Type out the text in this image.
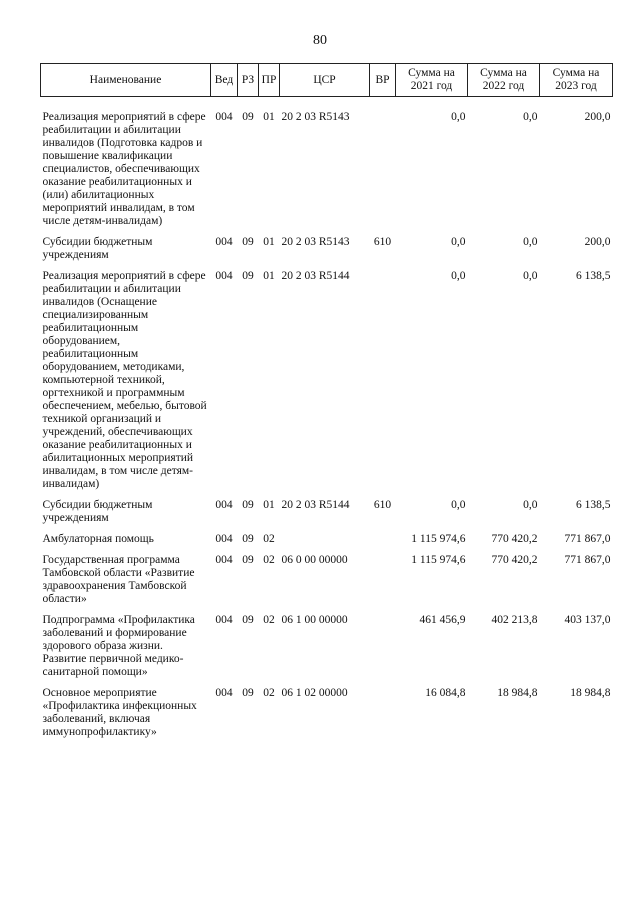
80
Наименование	Вед	РЗ	ПР	ЦСР	ВР	Сумма на 2021 год	Сумма на 2022 год	Сумма на 2023 год

Реализация мероприятий в сфере реабилитации и абилитации инвалидов (Подготовка кадров и повышение квалификации специалистов, обеспечивающих оказание реабилитационных и (или) абилитационных мероприятий инвалидам, в том числе детям-инвалидам)	004	09	01	20 2 03 R5143		0,0	0,0	200,0
Субсидии бюджетным учреждениям	004	09	01	20 2 03 R5143	610	0,0	0,0	200,0
Реализация мероприятий в сфере реабилитации и абилитации инвалидов (Оснащение специализированным реабилитационным оборудованием, реабилитационным оборудованием, методиками, компьютерной техникой, оргтехникой и программным обеспечением, мебелью, бытовой техникой организаций и учреждений, обеспечивающих оказание реабилитационных и абилитационных мероприятий инвалидам, в том числе детям-инвалидам)	004	09	01	20 2 03 R5144		0,0	0,0	6 138,5
Субсидии бюджетным учреждениям	004	09	01	20 2 03 R5144	610	0,0	0,0	6 138,5
Амбулаторная помощь	004	09	02			1 115 974,6	770 420,2	771 867,0
Государственная программа Тамбовской области «Развитие здравоохранения Тамбовской области»	004	09	02	06 0 00 00000		1 115 974,6	770 420,2	771 867,0
Подпрограмма «Профилактика заболеваний и формирование здорового образа жизни. Развитие первичной медико-санитарной помощи»	004	09	02	06 1 00 00000		461 456,9	402 213,8	403 137,0
Основное мероприятие «Профилактика инфекционных заболеваний, включая иммунопрофилактику»	004	09	02	06 1 02 00000		16 084,8	18 984,8	18 984,8
